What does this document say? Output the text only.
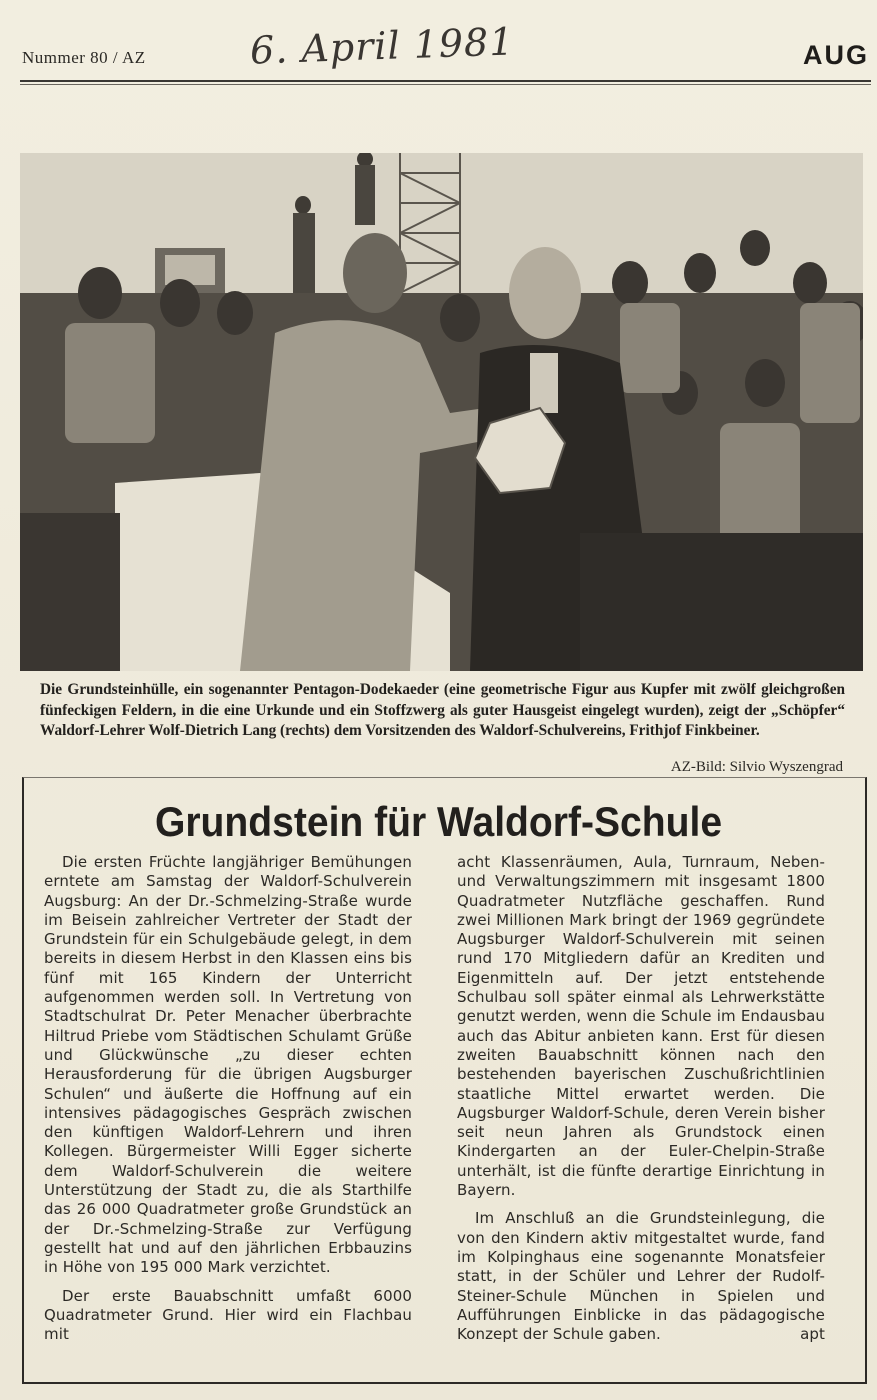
Nummer 80 / AZ	6. April 1981	AUG
Die Grundsteinhülle, ein sogenannter Pentagon-Dodekaeder (eine geometrische Figur aus Kupfer mit zwölf gleichgroßen fünfeckigen Feldern, in die eine Urkunde und ein Stoffzwerg als guter Hausgeist eingelegt wurden), zeigt der „Schöpfer“ Waldorf-Lehrer Wolf-Dietrich Lang (rechts) dem Vorsitzenden des Waldorf-Schulvereins, Frithjof Finkbeiner.
AZ-Bild: Silvio Wyszengrad
Grundstein für Waldorf-Schule

Die ersten Früchte langjähriger Bemühungen erntete am Samstag der Waldorf-Schulverein Augsburg: An der Dr.-Schmelzing-Straße wurde im Beisein zahlreicher Vertreter der Stadt der Grundstein für ein Schulgebäude gelegt, in dem bereits in diesem Herbst in den Klassen eins bis fünf mit 165 Kindern der Unterricht aufgenommen werden soll. In Vertretung von Stadtschulrat Dr. Peter Menacher überbrachte Hiltrud Priebe vom Städtischen Schulamt Grüße und Glückwünsche „zu dieser echten Herausforderung für die übrigen Augsburger Schulen“ und äußerte die Hoffnung auf ein intensives pädagogisches Gespräch zwischen den künftigen Waldorf-Lehrern und ihren Kollegen. Bürgermeister Willi Egger sicherte dem Waldorf-Schulverein die weitere Unterstützung der Stadt zu, die als Starthilfe das 26 000 Quadratmeter große Grundstück an der Dr.-Schmelzing-Straße zur Verfügung gestellt hat und auf den jährlichen Erbbauzins in Höhe von 195 000 Mark verzichtet.

Der erste Bauabschnitt umfaßt 6000 Quadratmeter Grund. Hier wird ein Flachbau mit

acht Klassenräumen, Aula, Turnraum, Neben- und Verwaltungszimmern mit insgesamt 1800 Quadratmeter Nutzfläche geschaffen. Rund zwei Millionen Mark bringt der 1969 gegründete Augsburger Waldorf-Schulverein mit seinen rund 170 Mitgliedern dafür an Krediten und Eigenmitteln auf. Der jetzt entstehende Schulbau soll später einmal als Lehrwerkstätte genutzt werden, wenn die Schule im Endausbau auch das Abitur anbieten kann. Erst für diesen zweiten Bauabschnitt können nach den bestehenden bayerischen Zuschußrichtlinien staatliche Mittel erwartet werden. Die Augsburger Waldorf-Schule, deren Verein bisher seit neun Jahren als Grundstock einen Kindergarten an der Euler-Chelpin-Straße unterhält, ist die fünfte derartige Einrichtung in Bayern.

Im Anschluß an die Grundsteinlegung, die von den Kindern aktiv mitgestaltet wurde, fand im Kolpinghaus eine sogenannte Monatsfeier statt, in der Schüler und Lehrer der Rudolf-Steiner-Schule München in Spielen und Aufführungen Einblicke in das pädagogische Konzept der Schule gaben.	apt
